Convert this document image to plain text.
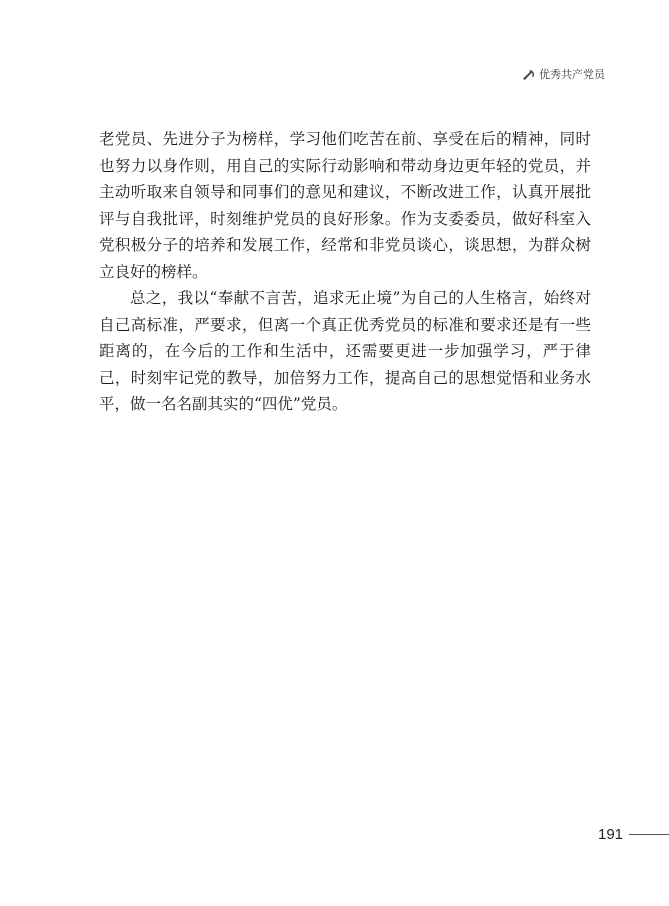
优秀共产党员

老党员、先进分子为榜样，学习他们吃苦在前、享受在后的精神，同时也努力以身作则，用自己的实际行动影响和带动身边更年轻的党员，并主动听取来自领导和同事们的意见和建议，不断改进工作，认真开展批评与自我批评，时刻维护党员的良好形象。作为支委委员，做好科室入党积极分子的培养和发展工作，经常和非党员谈心，谈思想，为群众树立良好的榜样。

总之，我以“奉献不言苦，追求无止境”为自己的人生格言，始终对自己高标准，严要求，但离一个真正优秀党员的标准和要求还是有一些距离的，在今后的工作和生活中，还需要更进一步加强学习，严于律己，时刻牢记党的教导，加倍努力工作，提高自己的思想觉悟和业务水平，做一名名副其实的“四优”党员。

191
